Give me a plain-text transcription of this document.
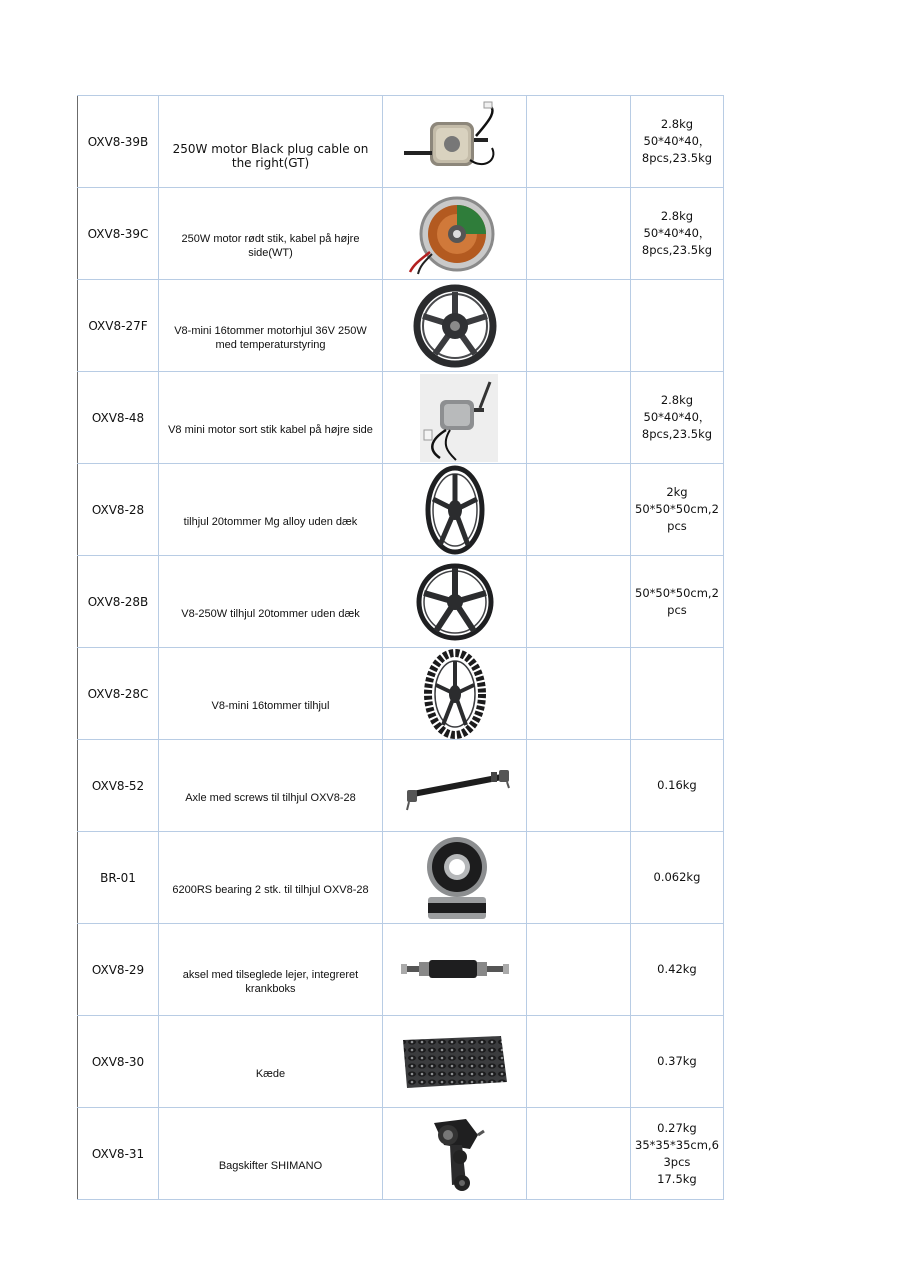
OXV8-39B	250W motor Black plug cable on the right(GT)			2.8kg
50*40*40，
8pcs,23.5kg

OXV8-39C	250W motor rødt stik, kabel på højre side(WT)			2.8kg
50*40*40，
8pcs,23.5kg

OXV8-27F	V8-mini 16tommer motorhjul 36V 250W med temperaturstyring	

OXV8-48	V8 mini motor sort stik kabel på højre side			2.8kg
50*40*40，
8pcs,23.5kg

OXV8-28	tilhjul 20tommer Mg alloy uden dæk			2kg
50*50*50cm,2
pcs

OXV8-28B	V8-250W tilhjul 20tommer uden dæk			50*50*50cm,2
pcs

OXV8-28C	V8-mini 16tommer tilhjul	

OXV8-52	Axle med screws til tilhjul OXV8-28			0.16kg

BR-01	6200RS bearing 2 stk. til tilhjul OXV8-28			0.062kg

OXV8-29	aksel med tilseglede lejer, integreret krankboks			0.42kg

OXV8-30	Kæde			0.37kg

OXV8-31	Bagskifter SHIMANO			0.27kg
35*35*35cm,6
3pcs
17.5kg
